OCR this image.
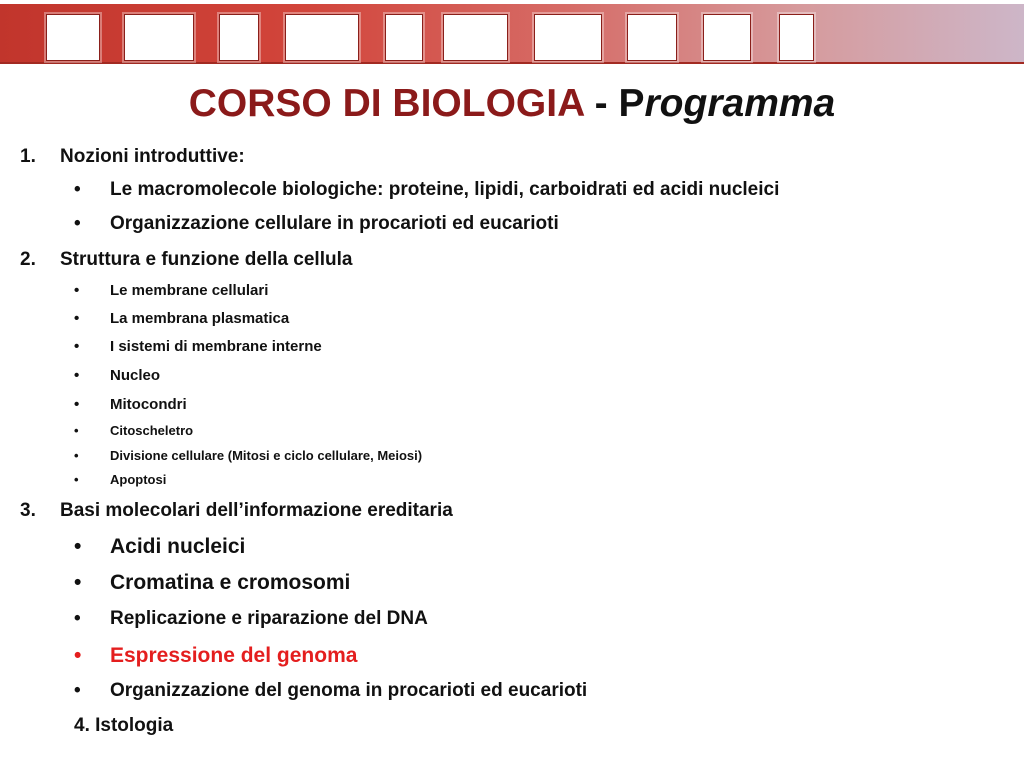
CORSO DI BIOLOGIA - Programma
1. Nozioni introduttive:
• Le macromolecole biologiche: proteine, lipidi, carboidrati ed acidi nucleici
• Organizzazione cellulare in procarioti ed eucarioti
2. Struttura e funzione della cellula
• Le membrane cellulari
• La membrana plasmatica
• I sistemi di membrane interne
• Nucleo
• Mitocondri
• Citoscheletro
• Divisione cellulare (Mitosi e ciclo cellulare, Meiosi)
• Apoptosi
3. Basi molecolari dell’informazione ereditaria
• Acidi nucleici
• Cromatina e cromosomi
• Replicazione e riparazione del DNA
• Espressione del genoma
• Organizzazione del genoma in procarioti ed eucarioti
4. Istologia
